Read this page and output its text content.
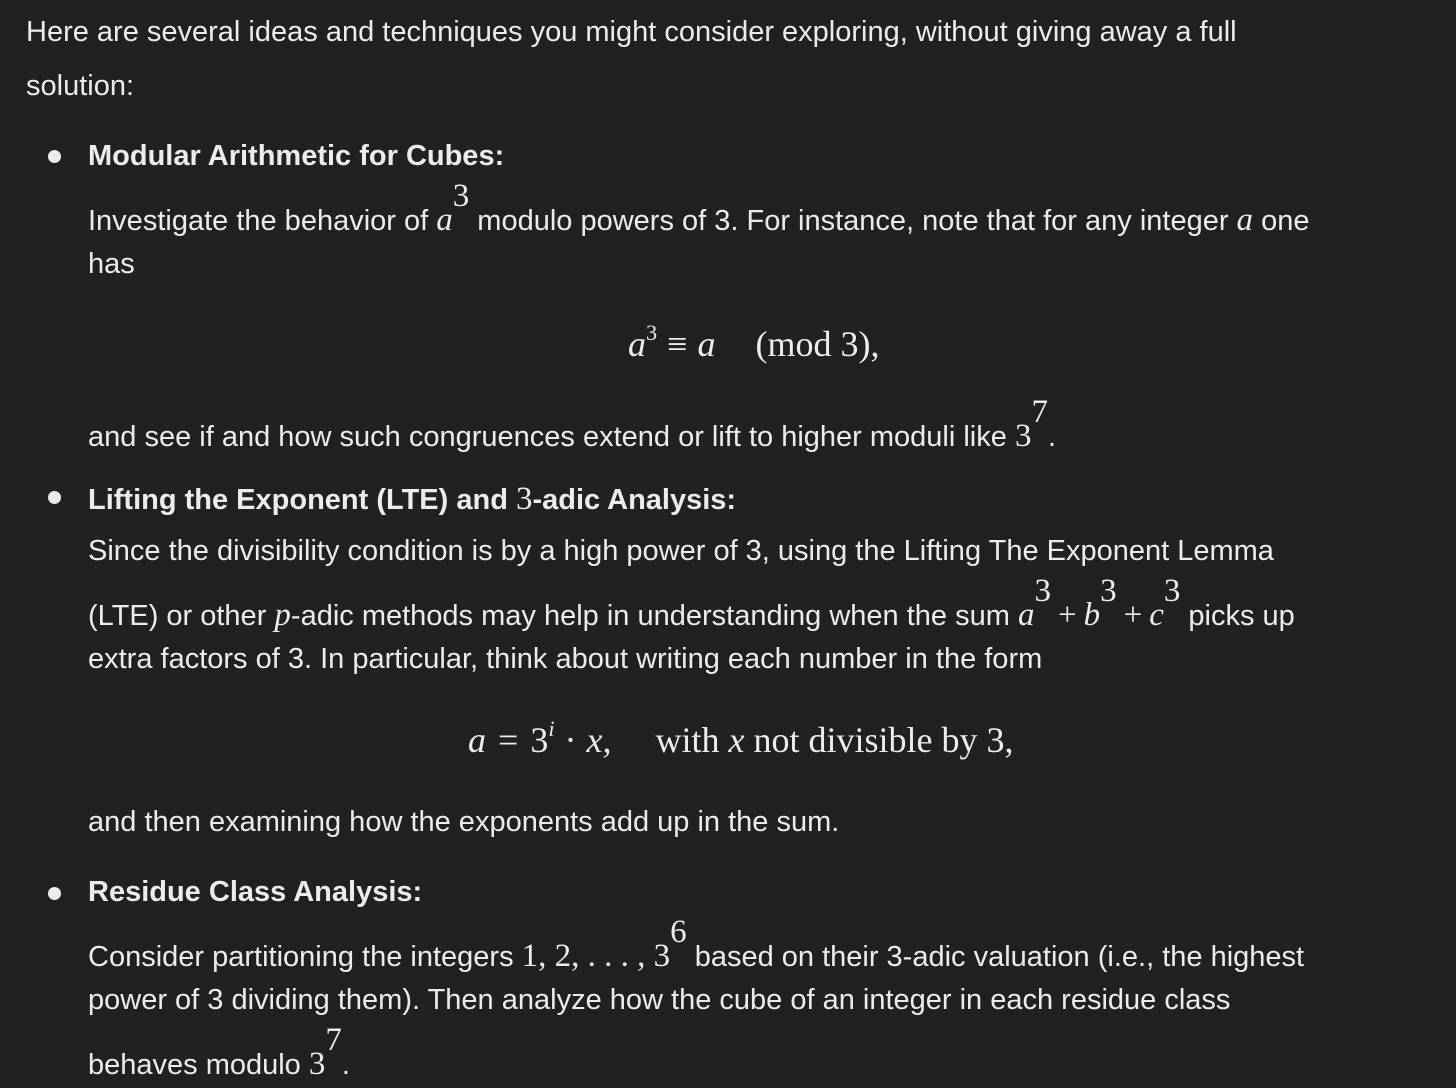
Here are several ideas and techniques you might consider exploring, without giving away a full
solution:
Modular Arithmetic for Cubes:
Investigate the behavior of $a^3$ modulo powers of 3. For instance, note that for any integer a one
has
$a^3 \equiv a$ (mod 3),
and see if and how such congruences extend or lift to higher moduli like $3^7$.
Lifting the Exponent (LTE) and 3-adic Analysis:
Since the divisibility condition is by a high power of 3, using the Lifting The Exponent Lemma
(LTE) or other p-adic methods may help in understanding when the sum $a^3+ b^3+ c^3$ picks up
extra factors of 3. In particular, think about writing each number in the form
$a = 3^i \cdot x$, with x not divisible by 3,
and then examining how the exponents add up in the sum.
Residue Class Analysis:
Consider partitioning the integers 1, 2, . . . , $3^6$ based on their 3-adic valuation (i.e., the highest
power of 3 dividing them). Then analyze how the cube of an integer in each residue class
behaves modulo $3^7$.
